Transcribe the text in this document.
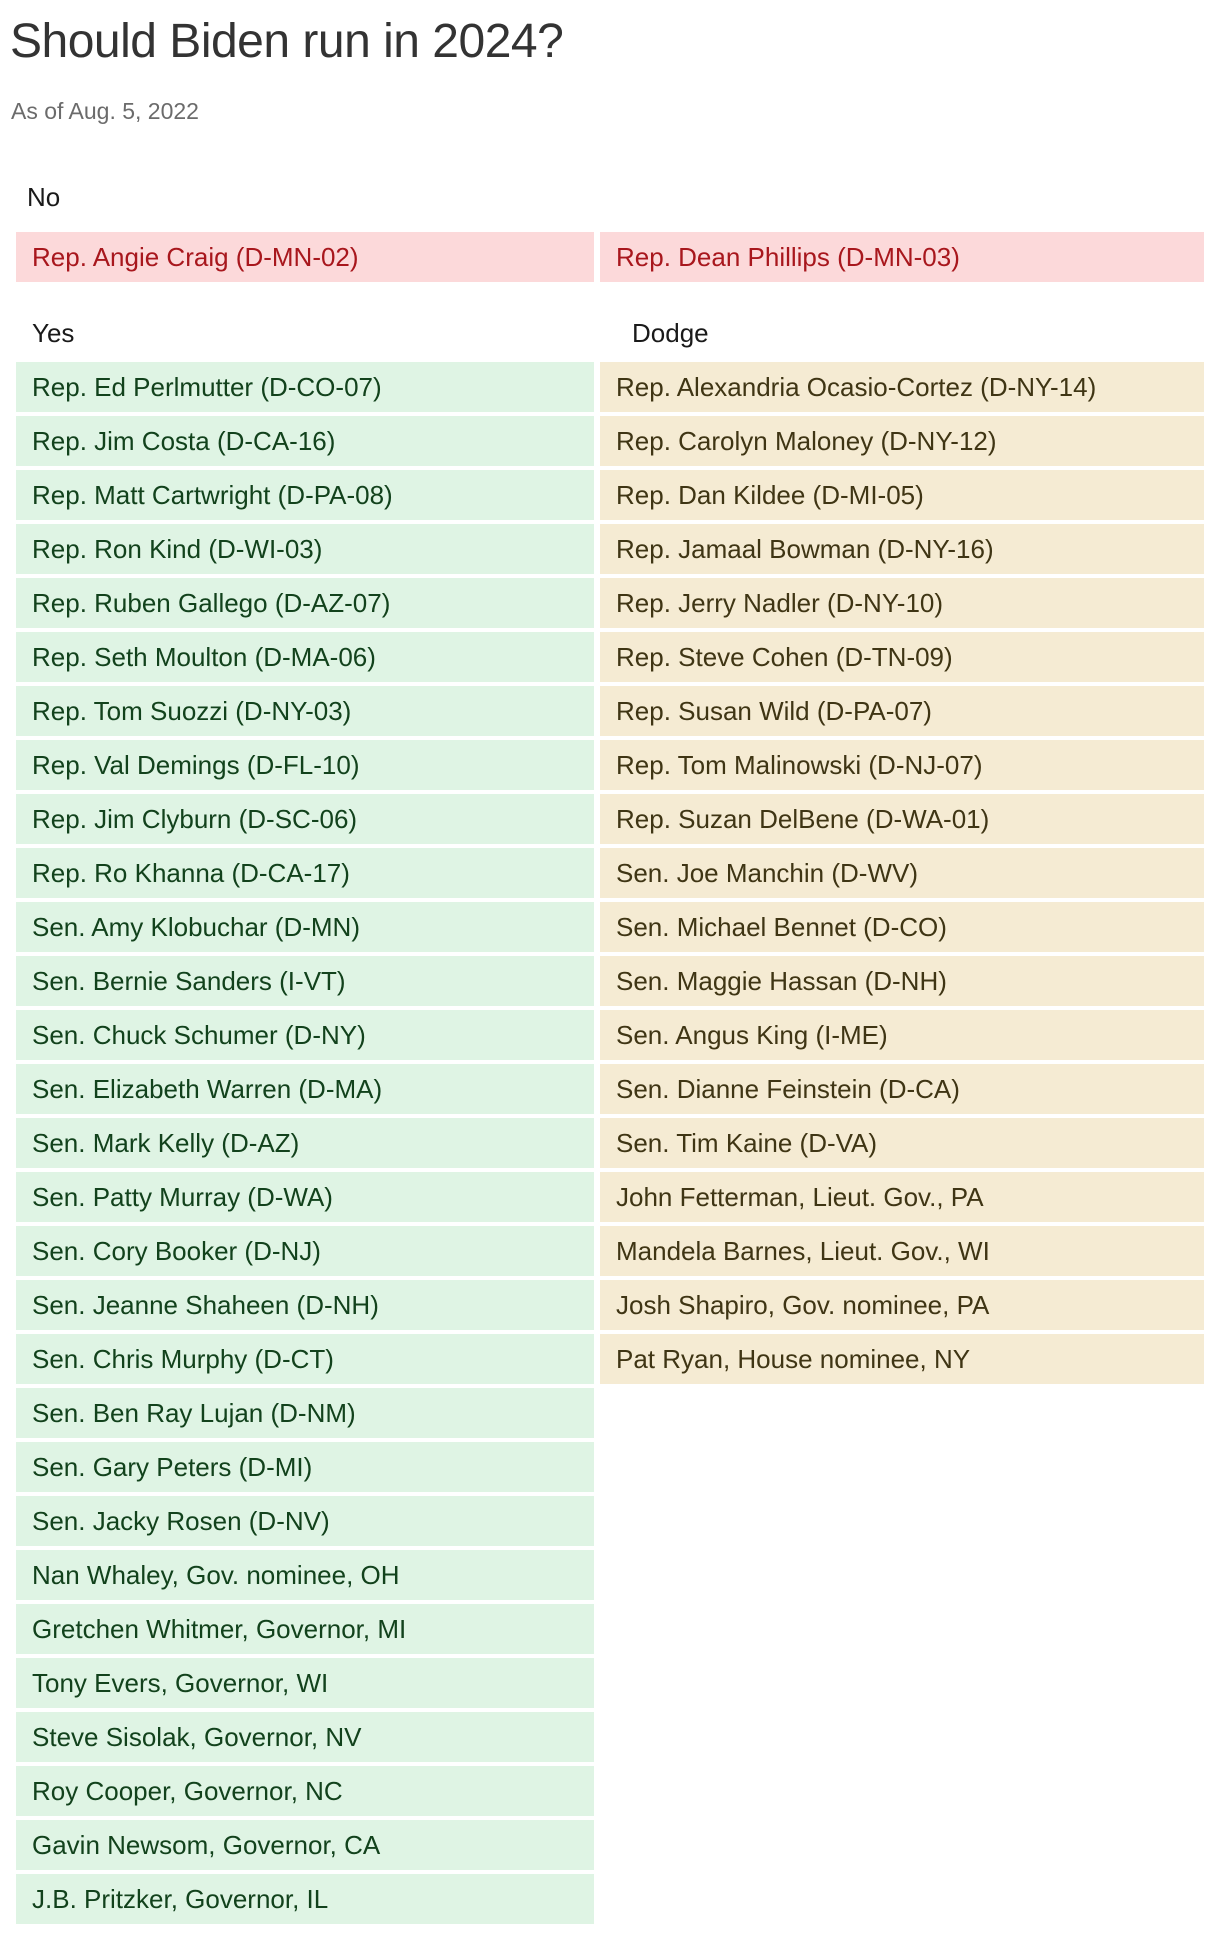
Should Biden run in 2024?
As of Aug. 5, 2022
No
Rep. Angie Craig (D-MN-02)	Rep. Dean Phillips (D-MN-03)
Yes	Dodge
Rep. Ed Perlmutter (D-CO-07)
Rep. Jim Costa (D-CA-16)
Rep. Matt Cartwright (D-PA-08)
Rep. Ron Kind (D-WI-03)
Rep. Ruben Gallego (D-AZ-07)
Rep. Seth Moulton (D-MA-06)
Rep. Tom Suozzi (D-NY-03)
Rep. Val Demings (D-FL-10)
Rep. Jim Clyburn (D-SC-06)
Rep. Ro Khanna (D-CA-17)
Sen. Amy Klobuchar (D-MN)
Sen. Bernie Sanders (I-VT)
Sen. Chuck Schumer (D-NY)
Sen. Elizabeth Warren (D-MA)
Sen. Mark Kelly (D-AZ)
Sen. Patty Murray (D-WA)
Sen. Cory Booker (D-NJ)
Sen. Jeanne Shaheen (D-NH)
Sen. Chris Murphy (D-CT)
Sen. Ben Ray Lujan (D-NM)
Sen. Gary Peters (D-MI)
Sen. Jacky Rosen (D-NV)
Nan Whaley, Gov. nominee, OH
Gretchen Whitmer, Governor, MI
Tony Evers, Governor, WI
Steve Sisolak, Governor, NV
Roy Cooper, Governor, NC
Gavin Newsom, Governor, CA
J.B. Pritzker, Governor, IL
Rep. Alexandria Ocasio-Cortez (D-NY-14)
Rep. Carolyn Maloney (D-NY-12)
Rep. Dan Kildee (D-MI-05)
Rep. Jamaal Bowman (D-NY-16)
Rep. Jerry Nadler (D-NY-10)
Rep. Steve Cohen (D-TN-09)
Rep. Susan Wild (D-PA-07)
Rep. Tom Malinowski (D-NJ-07)
Rep. Suzan DelBene (D-WA-01)
Sen. Joe Manchin (D-WV)
Sen. Michael Bennet (D-CO)
Sen. Maggie Hassan (D-NH)
Sen. Angus King (I-ME)
Sen. Dianne Feinstein (D-CA)
Sen. Tim Kaine (D-VA)
John Fetterman, Lieut. Gov., PA
Mandela Barnes, Lieut. Gov., WI
Josh Shapiro, Gov. nominee, PA
Pat Ryan, House nominee, NY
